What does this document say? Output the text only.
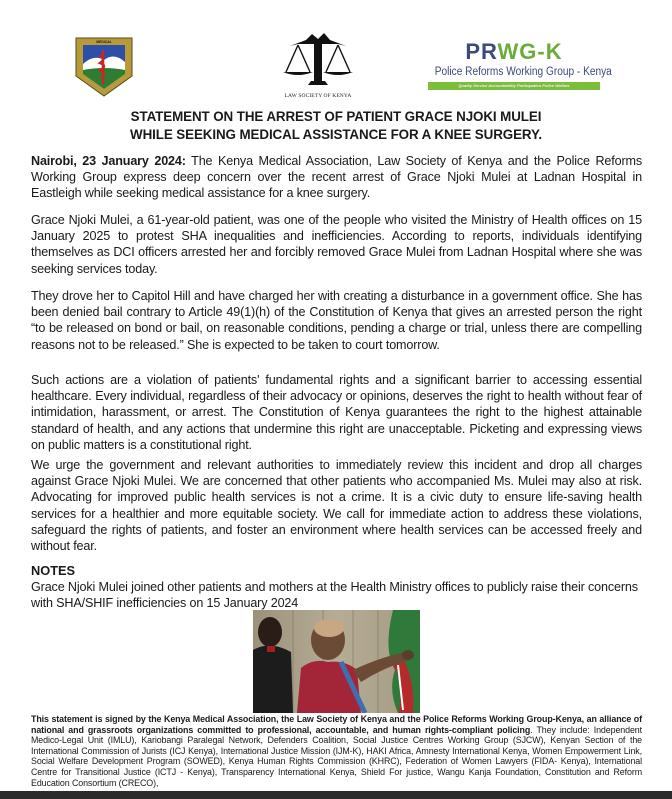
MEDICAL
LAW SOCIETY OF KENYA
PRWG-K
Police Reforms Working Group - Kenya
Quality Service Accountability Participation Police Welfare
STATEMENT ON THE ARREST OF PATIENT GRACE NJOKI MULEI
WHILE SEEKING MEDICAL ASSISTANCE FOR A KNEE SURGERY.
Nairobi, 23 January 2024: The Kenya Medical Association, Law Society of Kenya and the Police Reforms Working Group express deep concern over the recent arrest of Grace Njoki Mulei at Ladnan Hospital in Eastleigh while seeking medical assistance for a knee surgery.
Grace Njoki Mulei, a 61-year-old patient, was one of the people who visited the Ministry of Health offices on 15 January 2025 to protest SHA inequalities and inefficiencies. According to reports, individuals identifying themselves as DCI officers arrested her and forcibly removed Grace Mulei from Ladnan Hospital where she was seeking services today.
They drove her to Capitol Hill and have charged her with creating a disturbance in a government office. She has been denied bail contrary to Article 49(1)(h) of the Constitution of Kenya that gives an arrested person the right “to be released on bond or bail, on reasonable conditions, pending a charge or trial, unless there are compelling reasons not to be released.” She is expected to be taken to court tomorrow.
Such actions are a violation of patients' fundamental rights and a significant barrier to accessing essential healthcare. Every individual, regardless of their advocacy or opinions, deserves the right to health without fear of intimidation, harassment, or arrest. The Constitution of Kenya guarantees the right to the highest attainable standard of health, and any actions that undermine this right are unacceptable. Picketing and expressing views on public matters is a constitutional right.
We urge the government and relevant authorities to immediately review this incident and drop all charges against Grace Njoki Mulei. We are concerned that other patients who accompanied Ms. Mulei may also at risk. Advocating for improved public health services is not a crime. It is a civic duty to ensure life-saving health services for a healthier and more equitable society. We call for immediate action to address these violations, safeguard the rights of patients, and foster an environment where health services can be accessed freely and without fear.
NOTES
Grace Njoki Mulei joined other patients and mothers at the Health Ministry offices to publicly raise their concerns with SHA/SHIF inefficiencies on 15 January 2024
This statement is signed by the Kenya Medical Association, the Law Society of Kenya and the Police Reforms Working Group-Kenya, an alliance of national and grassroots organizations committed to professional, accountable, and human rights-compliant policing. They include: Independent Medico-Legal Unit (IMLU), Kariobangi Paralegal Network, Defenders Coalition, Social Justice Centres Working Group (SJCW), Kenyan Section of the International Commission of Jurists (ICJ Kenya), International Justice Mission (IJM-K), HAKI Africa, Amnesty International Kenya, Women Empowerment Link, Social Welfare Development Program (SOWED), Kenya Human Rights Commission (KHRC), Federation of Women Lawyers (FIDA- Kenya), International Centre for Transitional Justice (ICTJ - Kenya), Transparency International Kenya, Shield For justice, Wangu Kanja Foundation, Constitution and Reform Education Consortium (CRECO),
